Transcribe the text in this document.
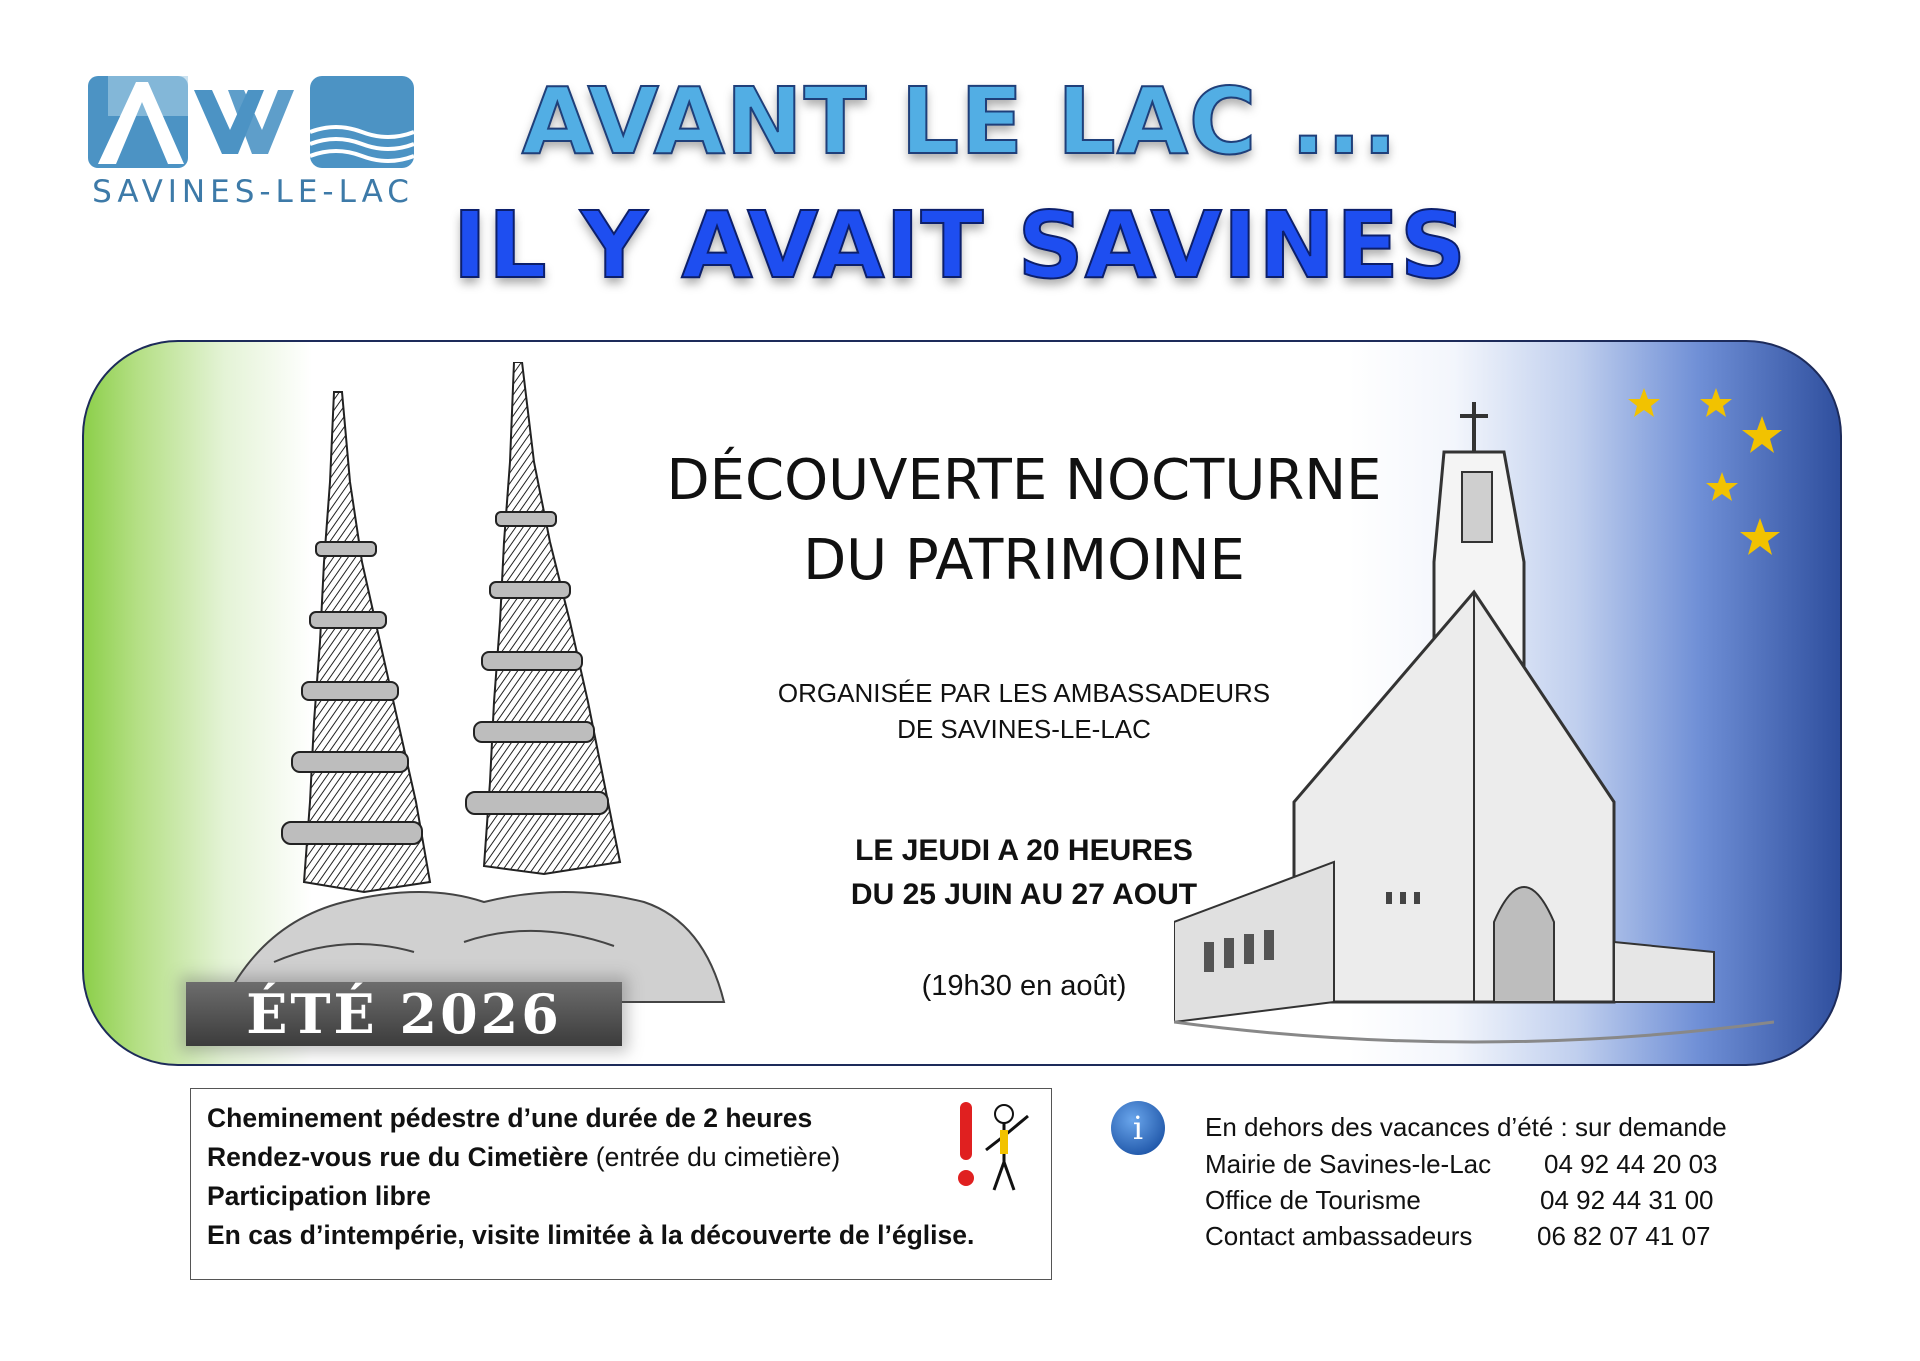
SAVINES-LE-LAC
AVANT LE LAC ...
IL Y AVAIT SAVINES
ÉTÉ 2026
DÉCOUVERTE NOCTURNE
DU PATRIMOINE
ORGANISÉE PAR LES AMBASSADEURS
DE SAVINES-LE-LAC
LE JEUDI A 20 HEURES
DU 25 JUIN AU 27 AOUT
(19h30 en août)
Cheminement pédestre d’une durée de 2 heures
Rendez-vous rue du Cimetière (entrée du cimetière)
Participation libre
En cas d’intempérie, visite limitée à la découverte de l’église.
i En dehors des vacances d’été : sur demande
Mairie de Savines-le-Lac 04 92 44 20 03
Office de Tourisme	04 92 44 31 00
Contact ambassadeurs 06 82 07 41 07
